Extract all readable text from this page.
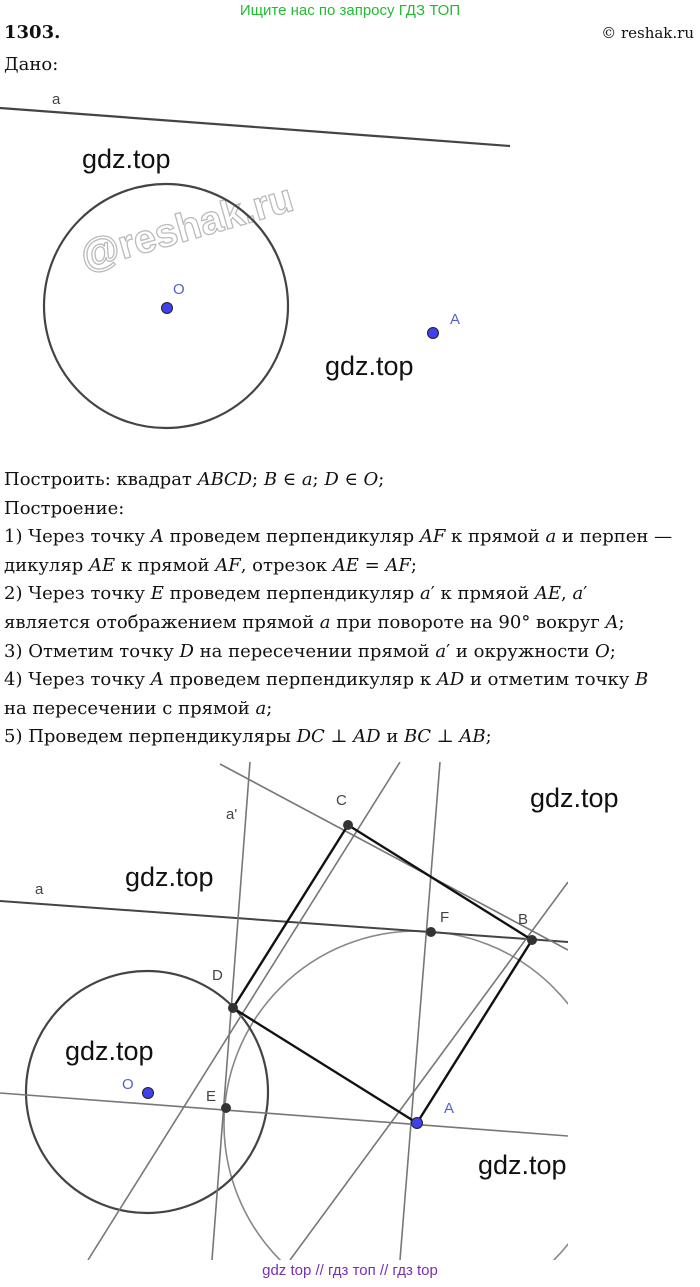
Ищите нас по запросу ГДЗ ТОП
1303.	© reshak.ru
Дано:
@reshak.ru
a
O
A
gdz.top
gdz.top
Построить: квадрат 𝐴𝐵𝐶𝐷; 𝐵 ∈ 𝑎; 𝐷 ∈ 𝑂;
Построение:
1) Через точку 𝐴 проведем перпендикуляр 𝐴𝐹 к прямой 𝑎 и перпен —
дикуляр 𝐴𝐸 к прямой 𝐴𝐹, отрезок 𝐴𝐸 = 𝐴𝐹;
2) Через точку 𝐸 проведем перпендикуляр 𝑎′ к прмяой 𝐴𝐸, 𝑎′
является отображением прямой 𝑎 при повороте на 90° вокруг 𝐴;
3) Отметим точку 𝐷 на пересечении прямой 𝑎′ и окружности 𝑂;
4) Через точку 𝐴 проведем перпендикуляр к 𝐴𝐷 и отметим точку 𝐵
на пересечении с прямой 𝑎;
5) Проведем перпендикуляры 𝐷𝐶 ⊥ 𝐴𝐷 и 𝐵𝐶 ⊥ 𝐴𝐵;
C
a'
a
F	B
D
O
E
A
gdz.top
gdz.top
gdz.top
gdz.top
gdz top // гдз топ // гдз top
